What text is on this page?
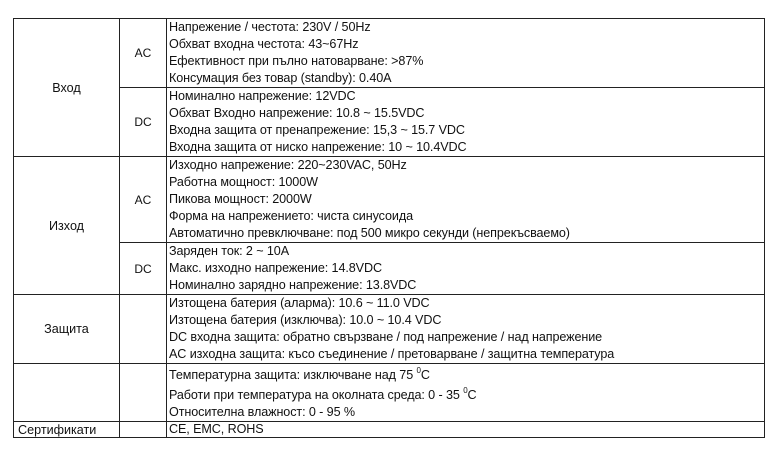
Вход	AC	Напрежение / честота: 230V / 50Hz
Обхват входна честота: 43~67Hz
Ефективност при пълно натоварване: >87%
Консумация без товар (standby): 0.40A

	DC	Номинално напрежение: 12VDC
Обхват Входно напрежение: 10.8 ~ 15.5VDC
Входна защита от пренапрежение: 15,3 ~ 15.7 VDC
Входна защита от ниско напрежение: 10 ~ 10.4VDC

Изход	AC	Изходно напрежение: 220~230VAC, 50Hz
Работна мощност: 1000W
Пикова мощност: 2000W
Форма на напрежението: чиста синусоида
Автоматично превключване: под 500 микро секунди (непрекъсваемо)

	DC	Заряден ток: 2 ~ 10A
Макс. изходно напрежение: 14.8VDC
Номинално зарядно напрежение: 13.8VDC

Защита		Изтощена батерия (аларма): 10.6 ~ 11.0 VDC
Изтощена батерия (изключва): 10.0 ~ 10.4 VDC
DC входна защита: обратно свързване / под напрежение / над напрежение
AC изходна защита: късо съединение / претоварване / защитна температура

		Температурна защита: изключване над 75 $^0$C
Работи при температура на околната среда: 0 - 35 $^0$C
Относителна влажност: 0 - 95 %

Сертификати		CE, EMC, ROHS
